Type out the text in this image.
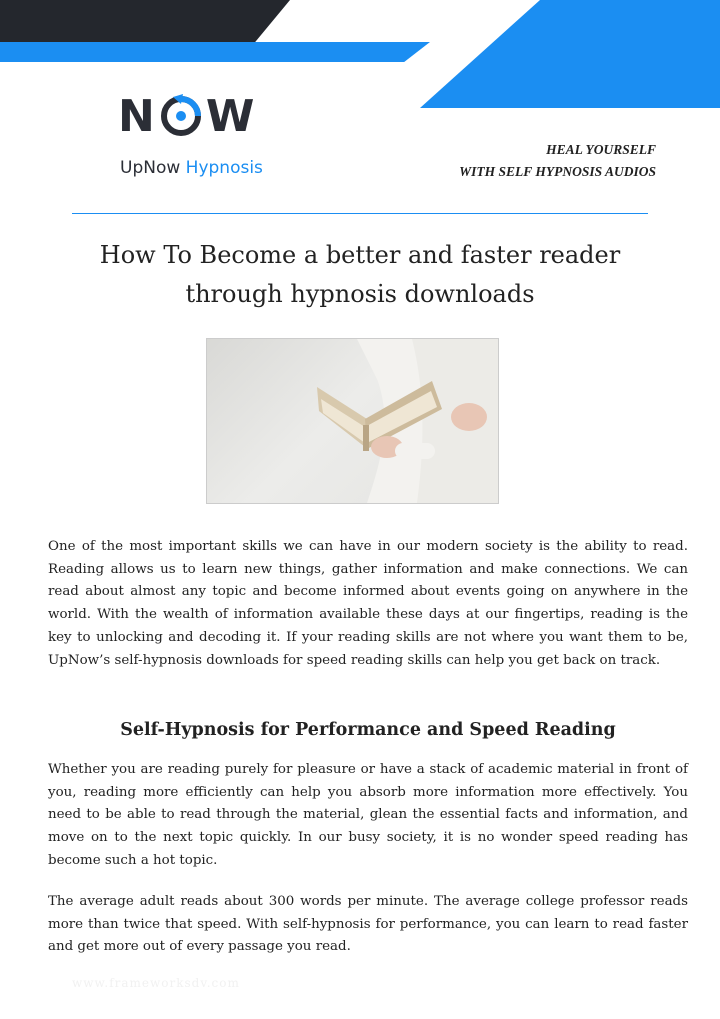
N W
UpNow Hypnosis
HEAL YOURSELF
WITH SELF HYPNOSIS AUDIOS
How To Become a better and faster reader
through hypnosis downloads

One of the most important skills we can have in our modern society is the ability to read. Reading allows us to learn new things, gather information and make connections. We can read about almost any topic and become informed about events going on anywhere in the world. With the wealth of information available these days at our fingertips, reading is the key to unlocking and decoding it. If your reading skills are not where you want them to be, UpNow’s self-hypnosis downloads for speed reading skills can help you get back on track.

Self-Hypnosis for Performance and Speed Reading

Whether you are reading purely for pleasure or have a stack of academic material in front of you, reading more efficiently can help you absorb more information more effectively. You need to be able to read through the material, glean the essential facts and information, and move on to the next topic quickly. In our busy society, it is no wonder speed reading has become such a hot topic.

The average adult reads about 300 words per minute. The average college professor reads more than twice that speed. With self-hypnosis for performance, you can learn to read faster and get more out of every passage you read.

www.frameworksdv.com
